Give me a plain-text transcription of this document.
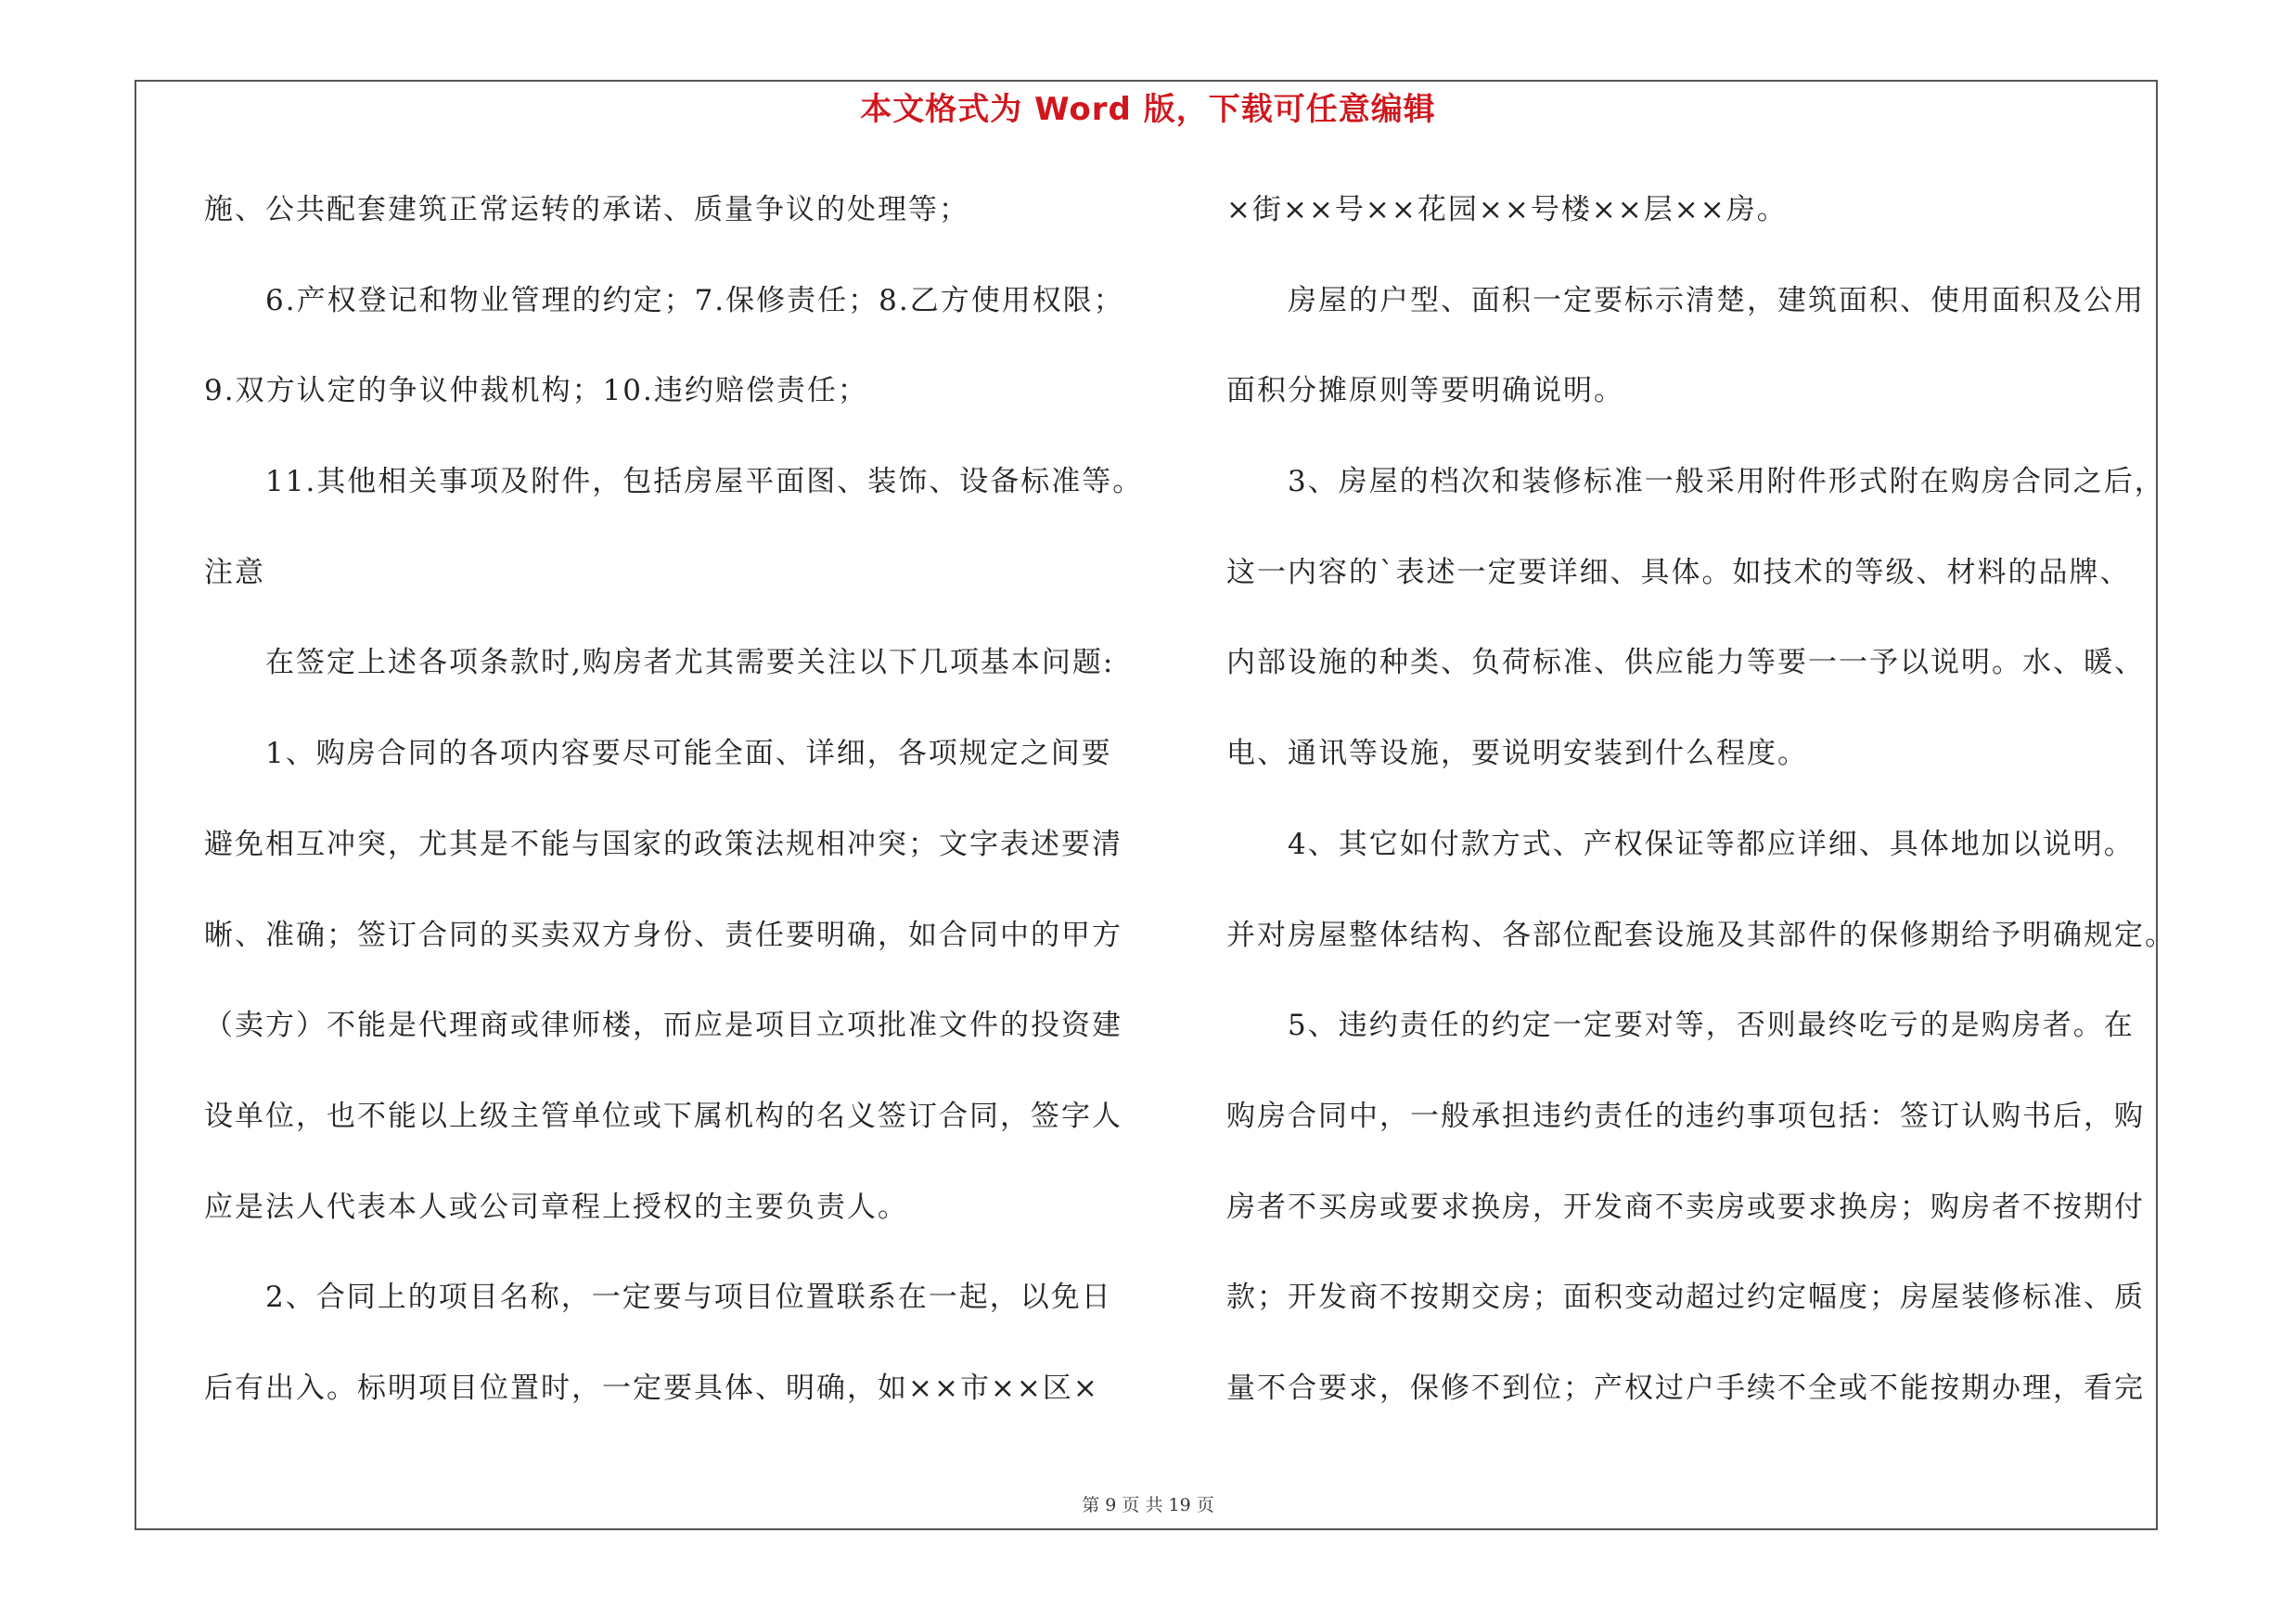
本文格式为 Word 版，下载可任意编辑
施、公共配套建筑正常运转的承诺、质量争议的处理等；
6.产权登记和物业管理的约定；7.保修责任；8.乙方使用权限；
9.双方认定的争议仲裁机构；10.违约赔偿责任；
11.其他相关事项及附件，包括房屋平面图、装饰、设备标准等。
注意
在签定上述各项条款时,购房者尤其需要关注以下几项基本问题:
1、购房合同的各项内容要尽可能全面、详细，各项规定之间要
避免相互冲突，尤其是不能与国家的政策法规相冲突；文字表述要清
晰、准确；签订合同的买卖双方身份、责任要明确，如合同中的甲方
（卖方）不能是代理商或律师楼，而应是项目立项批准文件的投资建
设单位，也不能以上级主管单位或下属机构的名义签订合同，签字人
应是法人代表本人或公司章程上授权的主要负责人。
2、合同上的项目名称，一定要与项目位置联系在一起，以免日
后有出入。标明项目位置时，一定要具体、明确，如××市××区×
×街××号××花园××号楼××层××房。
房屋的户型、面积一定要标示清楚，建筑面积、使用面积及公用
面积分摊原则等要明确说明。
3、房屋的档次和装修标准一般采用附件形式附在购房合同之后，
这一内容的`表述一定要详细、具体。如技术的等级、材料的品牌、
内部设施的种类、负荷标准、供应能力等要一一予以说明。水、暖、
电、通讯等设施，要说明安装到什么程度。
4、其它如付款方式、产权保证等都应详细、具体地加以说明。
并对房屋整体结构、各部位配套设施及其部件的保修期给予明确规定。
5、违约责任的约定一定要对等，否则最终吃亏的是购房者。在
购房合同中，一般承担违约责任的违约事项包括：签订认购书后，购
房者不买房或要求换房，开发商不卖房或要求换房；购房者不按期付
款；开发商不按期交房；面积变动超过约定幅度；房屋装修标准、质
量不合要求，保修不到位；产权过户手续不全或不能按期办理，看完
第 9 页 共 19 页
